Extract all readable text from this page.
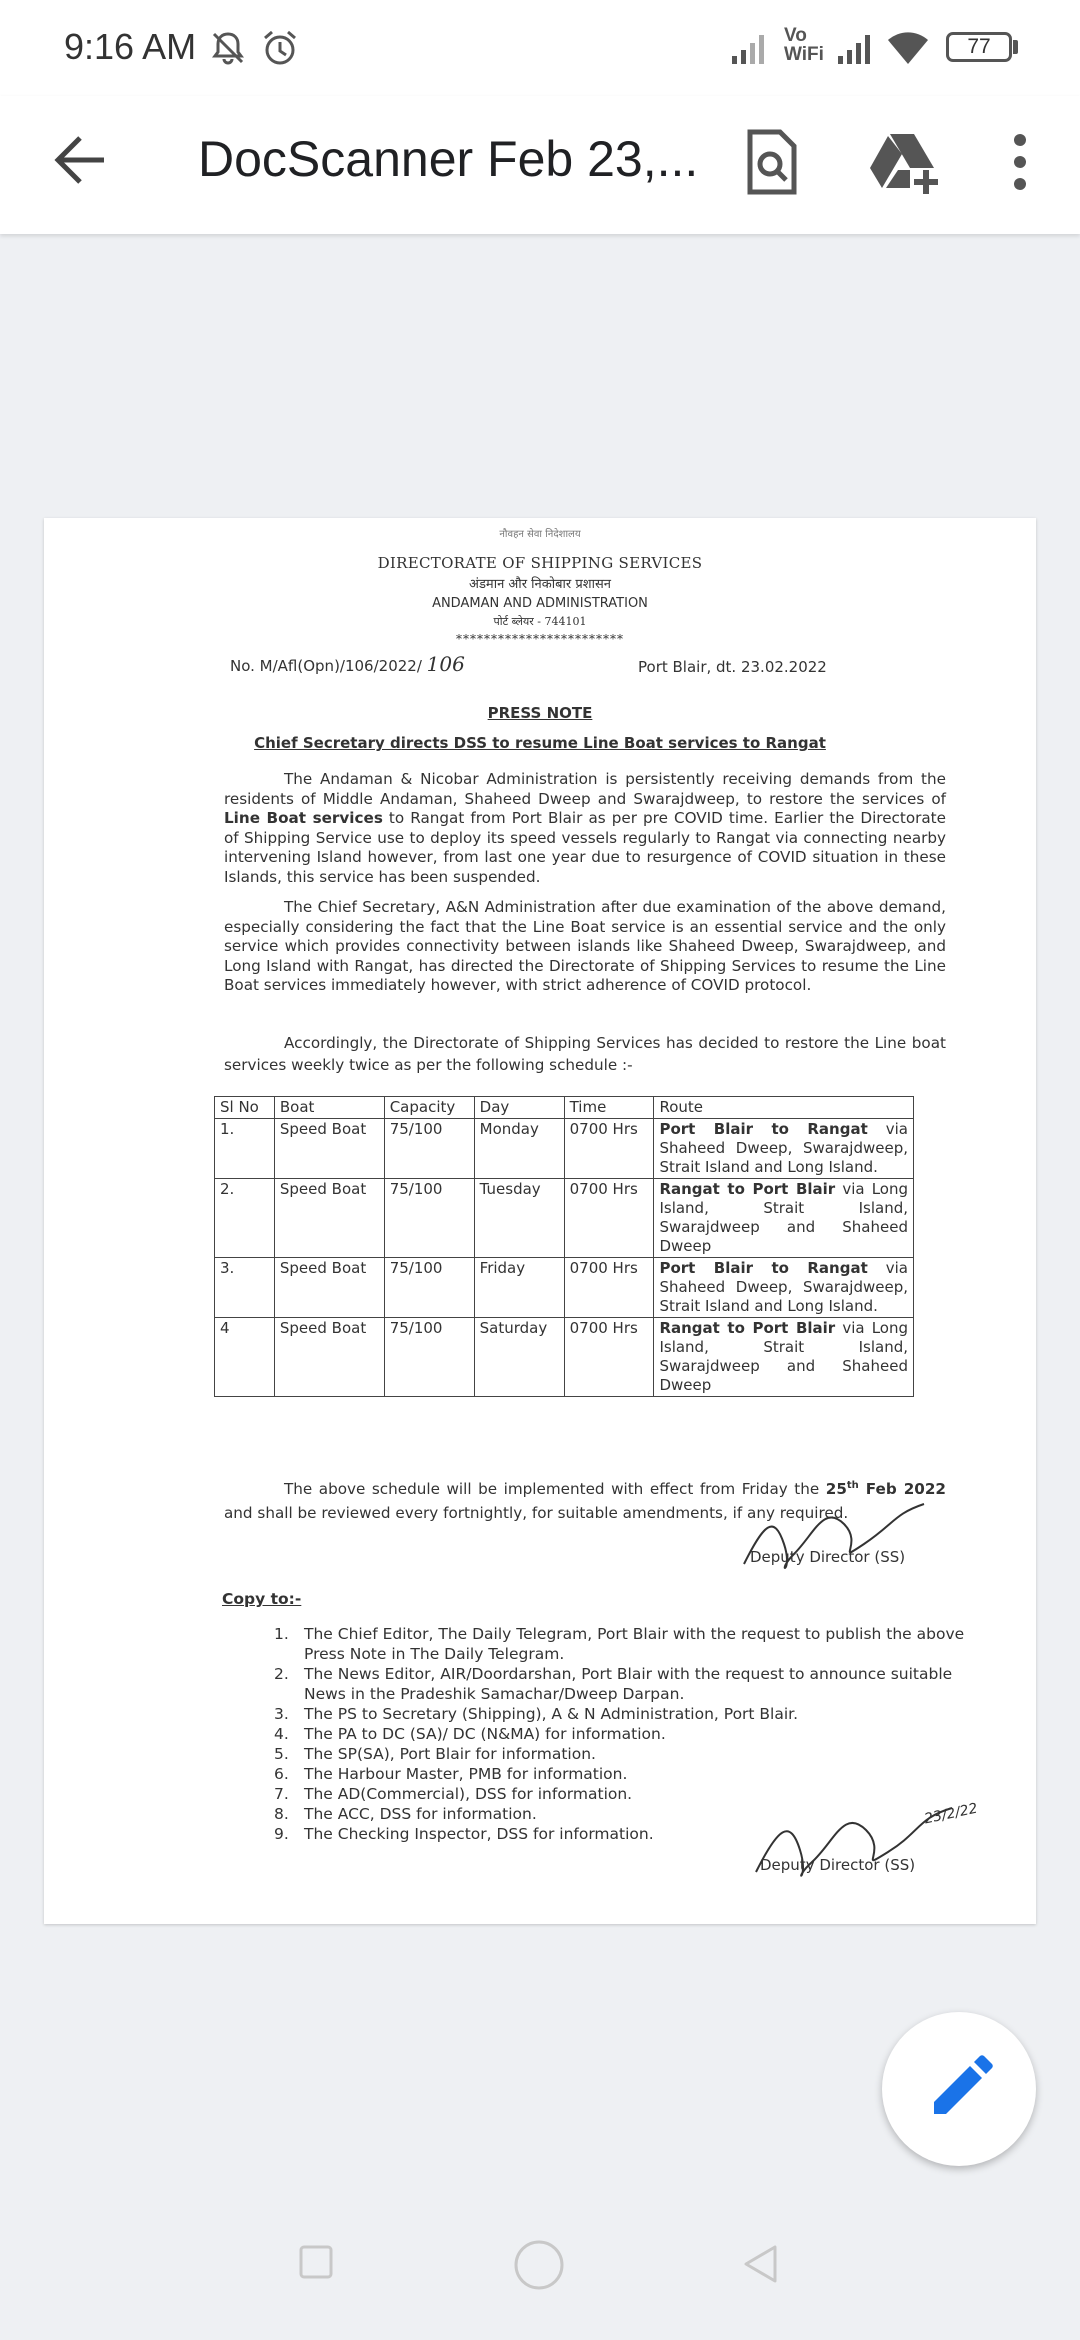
9:16 AM	Vo
WiFi	77
DocScanner Feb 23,...
नौवहन सेवा निदेशालय
DIRECTORATE OF SHIPPING SERVICES
अंडमान और निकोबार प्रशासन
ANDAMAN AND ADMINISTRATION
पोर्ट ब्लेयर - 744101
************************
No. M/Afl(Opn)/106/2022/ 106	Port Blair, dt. 23.02.2022
PRESS NOTE
Chief Secretary directs DSS to resume Line Boat services to Rangat

The Andaman & Nicobar Administration is persistently receiving demands from the residents of Middle Andaman, Shaheed Dweep and Swarajdweep, to restore the services of Line Boat services to Rangat from Port Blair as per pre COVID time. Earlier the Directorate of Shipping Service use to deploy its speed vessels regularly to Rangat via connecting nearby intervening Island however, from last one year due to resurgence of COVID situation in these Islands, this service has been suspended.

The Chief Secretary, A&N Administration after due examination of the above demand, especially considering the fact that the Line Boat service is an essential service and the only service which provides connectivity between islands like Shaheed Dweep, Swarajdweep, and Long Island with Rangat, has directed the Directorate of Shipping Services to resume the Line Boat services immediately however, with strict adherence of COVID protocol.

Accordingly, the Directorate of Shipping Services has decided to restore the Line boat services weekly twice as per the following schedule :-

Sl No	Boat	Capacity	Day	Time	Route
1.	Speed Boat	75/100	Monday	0700 Hrs	Port Blair to Rangat via Shaheed Dweep, Swarajdweep, Strait Island and Long Island.
2.	Speed Boat	75/100	Tuesday	0700 Hrs	Rangat to Port Blair via Long Island, Strait Island, Swarajdweep and Shaheed Dweep
3.	Speed Boat	75/100	Friday	0700 Hrs	Port Blair to Rangat via Shaheed Dweep, Swarajdweep, Strait Island and Long Island.
4	Speed Boat	75/100	Saturday	0700 Hrs	Rangat to Port Blair via Long Island, Strait Island, Swarajdweep and Shaheed Dweep

The above schedule will be implemented with effect from Friday the 25th Feb 2022 and shall be reviewed every fortnightly, for suitable amendments, if any required.

Deputy Director (SS)
Copy to:-
1. The Chief Editor, The Daily Telegram, Port Blair with the request to publish the above Press Note in The Daily Telegram.
2. The News Editor, AIR/Doordarshan, Port Blair with the request to announce suitable News in the Pradeshik Samachar/Dweep Darpan.
3. The PS to Secretary (Shipping), A & N Administration, Port Blair.
4. The PA to DC (SA)/ DC (N&MA) for information.
5. The SP(SA), Port Blair for information.
6. The Harbour Master, PMB for information.
7. The AD(Commercial), DSS for information.
8. The ACC, DSS for information.
9. The Checking Inspector, DSS for information.
23/2/22
Deputy Director (SS)
